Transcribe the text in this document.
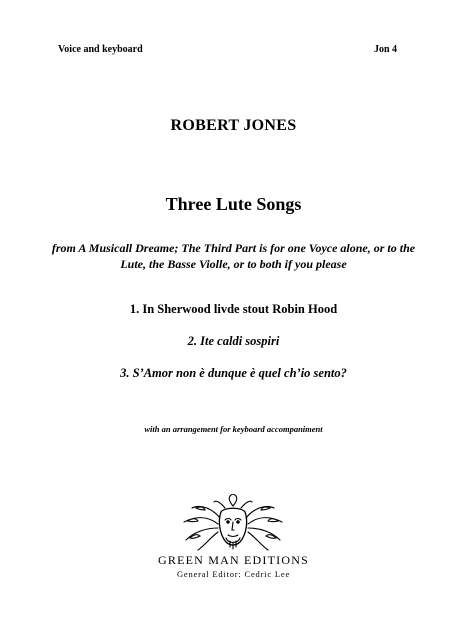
Voice and keyboard	Jon 4
ROBERT JONES
Three Lute Songs
from A Musicall Dreame; The Third Part is for one Voyce alone, or to the Lute, the Basse Violle, or to both if you please
1. In Sherwood livde stout Robin Hood
2. Ite caldi sospiri
3. S’Amor non è dunque è quel ch’io sento?
with an arrangement for keyboard accompaniment
GREEN MAN EDITIONS
General Editor: Cedric Lee
